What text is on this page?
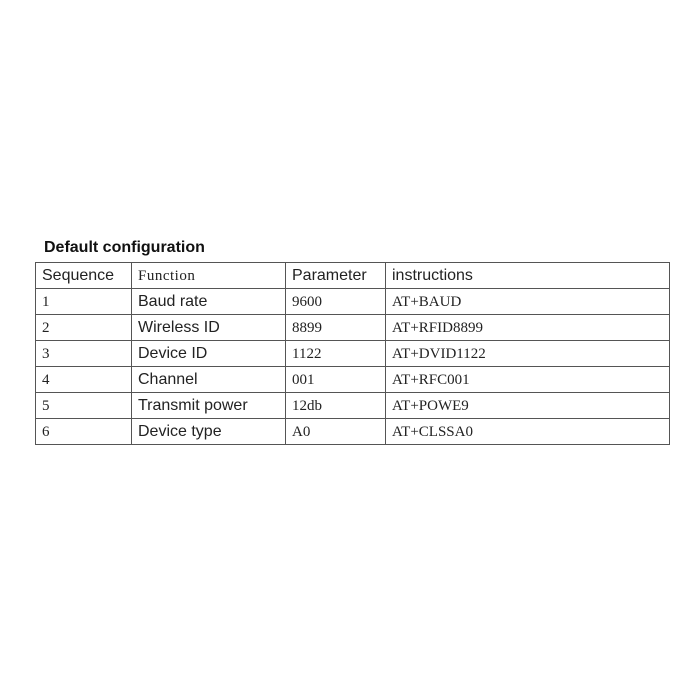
Default configuration
Sequence	Function	Parameter	instructions
1	Baud rate	9600	AT+BAUD
2	Wireless ID	8899	AT+RFID8899
3	Device ID	1122	AT+DVID1122
4	Channel	001	AT+RFC001
5	Transmit power	12db	AT+POWE9
6	Device type	A0	AT+CLSSA0
